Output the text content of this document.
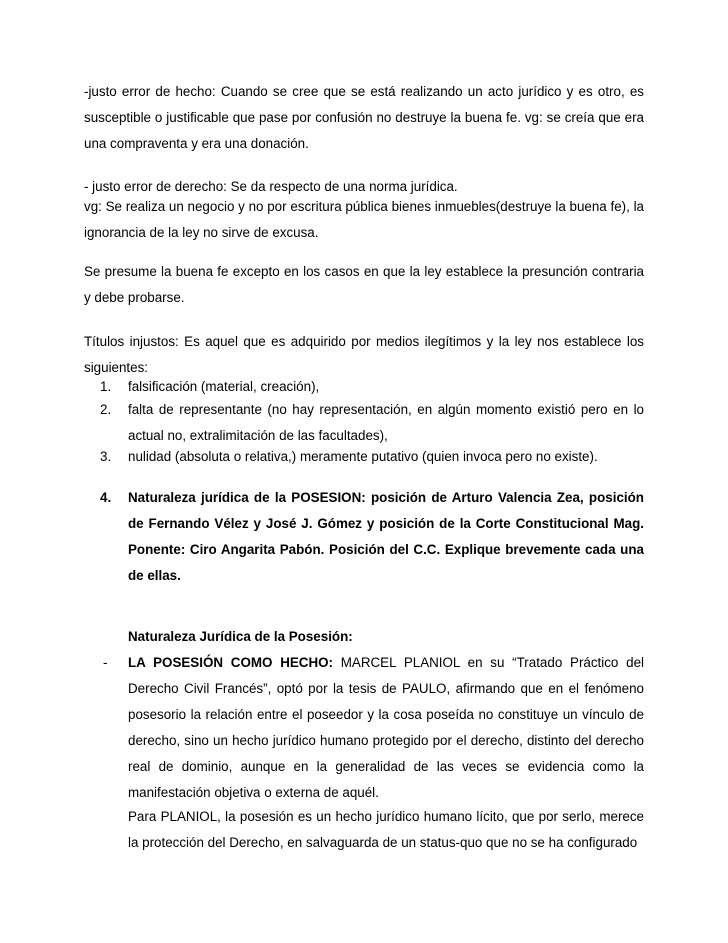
-justo error de hecho: Cuando se cree que se está realizando un acto jurídico y es otro, es susceptible o justificable que pase por confusión no destruye la buena fe. vg: se creía que era una compraventa y era una donación.

- justo error de derecho: Se da respecto de una norma jurídica.

vg: Se realiza un negocio y no por escritura pública bienes inmuebles(destruye la buena fe), la ignorancia de la ley no sirve de excusa.

Se presume la buena fe excepto en los casos en que la ley establece la presunción contraria y debe probarse.

Títulos injustos: Es aquel que es adquirido por medios ilegítimos y la ley nos establece los siguientes:

1. falsificación (material, creación),

2. falta de representante (no hay representación, en algún momento existió pero en lo actual no, extralimitación de las facultades),

3. nulidad (absoluta o relativa,) meramente putativo (quien invoca pero no existe).

4. Naturaleza jurídica de la POSESION: posición de Arturo Valencia Zea, posición de Fernando Vélez y José J. Gómez y posición de la Corte Constitucional Mag. Ponente: Ciro Angarita Pabón. Posición del C.C. Explique brevemente cada una de ellas.

Naturaleza Jurídica de la Posesión:

- LA POSESIÓN COMO HECHO: MARCEL PLANIOL en su “Tratado Práctico del Derecho Civil Francés”, optó por la tesis de PAULO, afirmando que en el fenómeno posesorio la relación entre el poseedor y la cosa poseída no constituye un vínculo de derecho, sino un hecho jurídico humano protegido por el derecho, distinto del derecho real de dominio, aunque en la generalidad de las veces se evidencia como la manifestación objetiva o externa de aquél.

Para PLANIOL, la posesión es un hecho jurídico humano lícito, que por serlo, merece la protección del Derecho, en salvaguarda de un status-quo que no se ha configurado
